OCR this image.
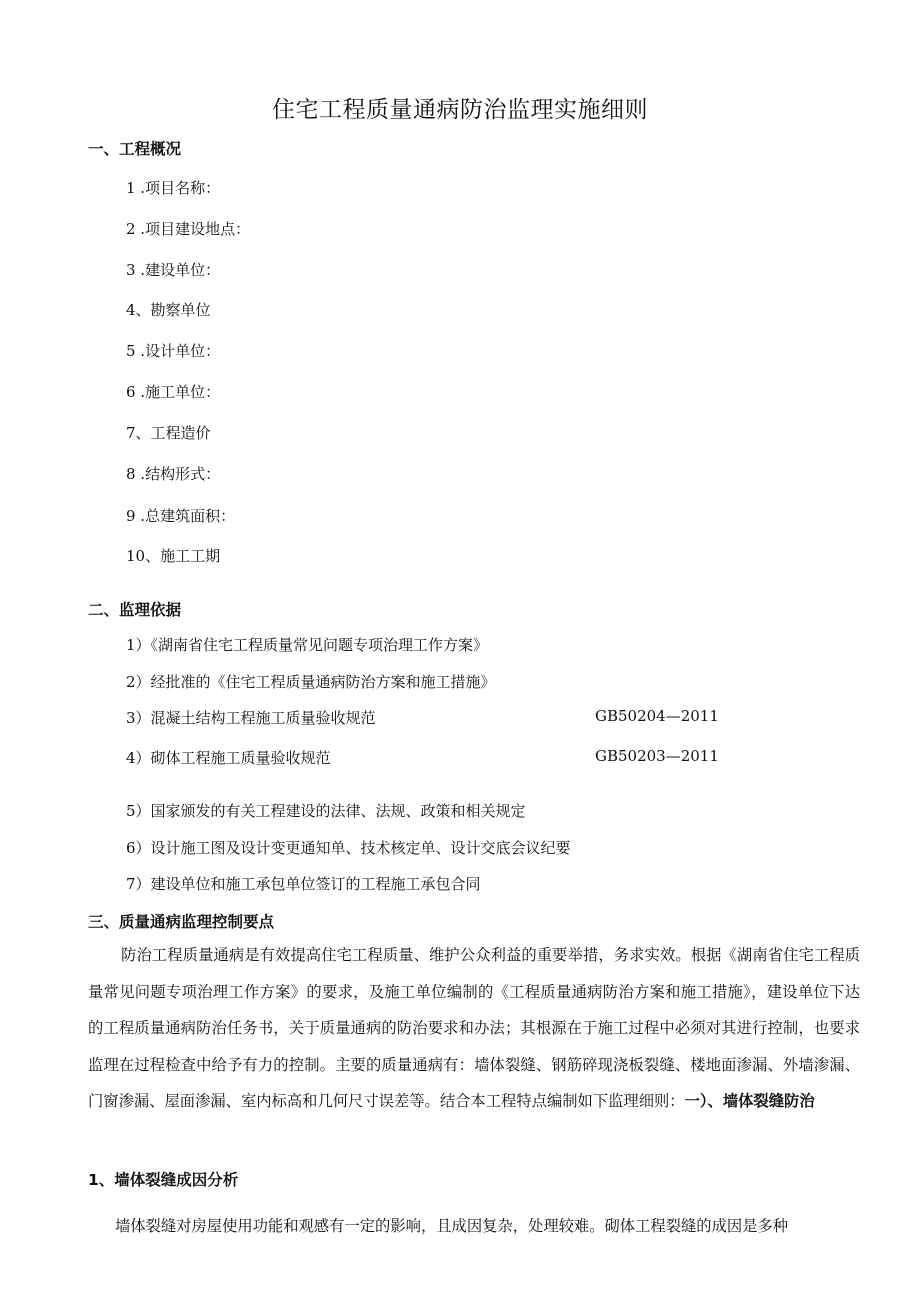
住宅工程质量通病防治监理实施细则
一、工程概况
1 .项目名称：
2 .项目建设地点：
3 .建设单位：
4、勘察单位
5 .设计单位：
6 .施工单位：
7、工程造价
8 .结构形式：
9 .总建筑面积：
10、施工工期
二、监理依据
1）《湖南省住宅工程质量常见问题专项治理工作方案》
2）经批准的《住宅工程质量通病防治方案和施工措施》
3）混凝土结构工程施工质量验收规范	GB50204—2011
4）砌体工程施工质量验收规范	GB50203—2011
5）国家颁发的有关工程建设的法律、法规、政策和相关规定
6）设计施工图及设计变更通知单、技术核定单、设计交底会议纪要
7）建设单位和施工承包单位签订的工程施工承包合同
三、质量通病监理控制要点
防治工程质量通病是有效提高住宅工程质量、维护公众利益的重要举措，务求实效。根据《湖南省住宅工程质量常见问题专项治理工作方案》的要求，及施工单位编制的《工程质量通病防治方案和施工措施》，建设单位下达的工程质量通病防治任务书，关于质量通病的防治要求和办法；其根源在于施工过程中必须对其进行控制，也要求监理在过程检查中给予有力的控制。主要的质量通病有：墙体裂缝、钢筋碎现浇板裂缝、楼地面渗漏、外墙渗漏、门窗渗漏、屋面渗漏、室内标高和几何尺寸误差等。结合本工程特点编制如下监理细则：一）、墙体裂缝防治
1、墙体裂缝成因分析
墙体裂缝对房屋使用功能和观感有一定的影响，且成因复杂，处理较难。砌体工程裂缝的成因是多种
